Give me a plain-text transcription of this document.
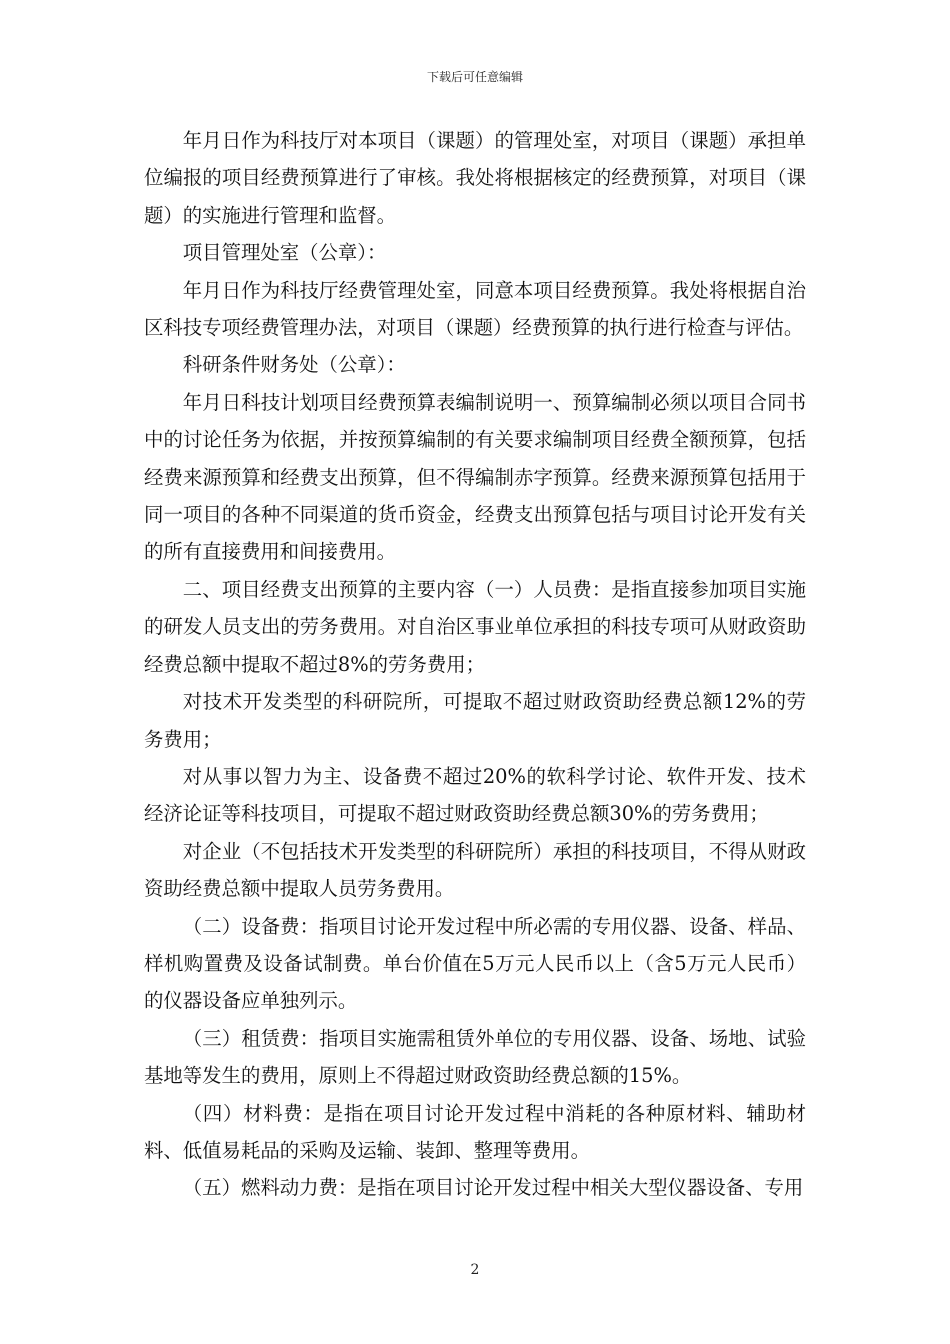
下载后可任意编辑

年月日作为科技厅对本项目（课题）的管理处室，对项目（课题）承担单位编报的项目经费预算进行了审核。我处将根据核定的经费预算，对项目（课题）的实施进行管理和监督。

项目管理处室（公章）：

年月日作为科技厅经费管理处室，同意本项目经费预算。我处将根据自治区科技专项经费管理办法，对项目（课题）经费预算的执行进行检查与评估。

科研条件财务处（公章）：

年月日科技计划项目经费预算表编制说明一、预算编制必须以项目合同书中的讨论任务为依据，并按预算编制的有关要求编制项目经费全额预算，包括经费来源预算和经费支出预算，但不得编制赤字预算。经费来源预算包括用于同一项目的各种不同渠道的货币资金，经费支出预算包括与项目讨论开发有关的所有直接费用和间接费用。

二、项目经费支出预算的主要内容（一）人员费：是指直接参加项目实施的研发人员支出的劳务费用。对自治区事业单位承担的科技专项可从财政资助经费总额中提取不超过8%的劳务费用；

对技术开发类型的科研院所，可提取不超过财政资助经费总额12%的劳务费用；

对从事以智力为主、设备费不超过20%的软科学讨论、软件开发、技术经济论证等科技项目，可提取不超过财政资助经费总额30%的劳务费用；

对企业（不包括技术开发类型的科研院所）承担的科技项目，不得从财政资助经费总额中提取人员劳务费用。

（二）设备费：指项目讨论开发过程中所必需的专用仪器、设备、样品、样机购置费及设备试制费。单台价值在5万元人民币以上（含5万元人民币）的仪器设备应单独列示。

（三）租赁费：指项目实施需租赁外单位的专用仪器、设备、场地、试验基地等发生的费用，原则上不得超过财政资助经费总额的15%。

（四）材料费：是指在项目讨论开发过程中消耗的各种原材料、辅助材料、低值易耗品的采购及运输、装卸、整理等费用。

（五）燃料动力费：是指在项目讨论开发过程中相关大型仪器设备、专用

2
